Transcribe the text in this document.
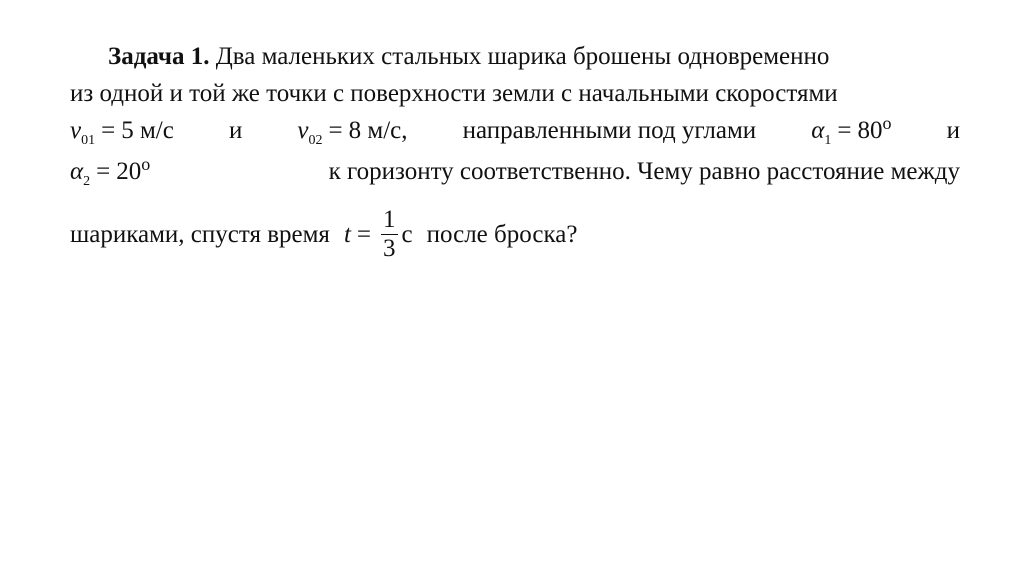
Задача 1.
Два маленьких стальных шарика брошены одновременно
из одной и той же точки с поверхности земли с начальными скоростями
$v_{01} = 5$ м/с и $v_{02} = 8$ м/с, направленными под углами $\alpha_1 = 80^o$ и
$\alpha_2 = 20^o$	к горизонту соответственно. Чему равно расстояние между
шариками, спустя время $t = \frac{1}{3}$ с после броска?
